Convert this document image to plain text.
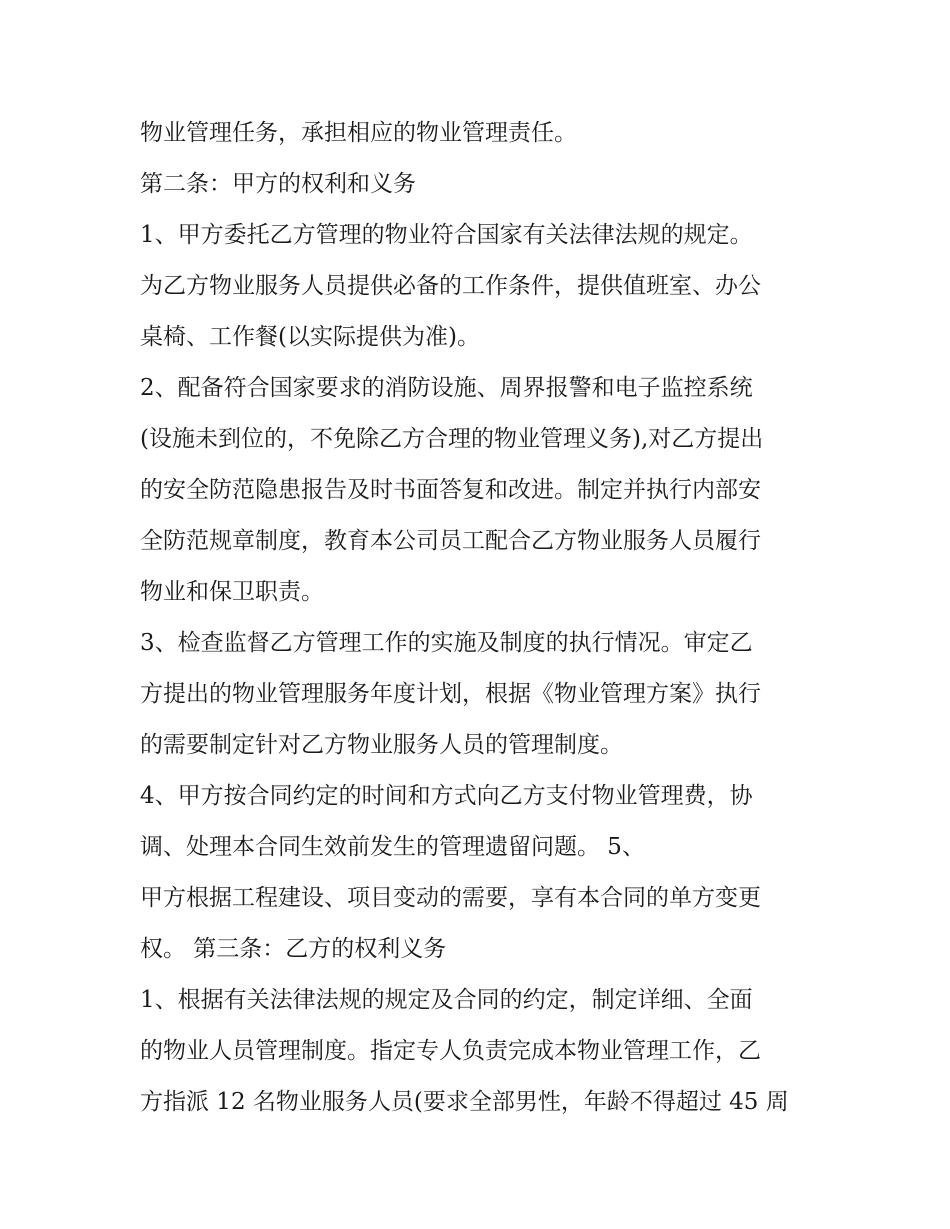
物业管理任务，承担相应的物业管理责任。
第二条：甲方的权利和义务
1、甲方委托乙方管理的物业符合国家有关法律法规的规定。
为乙方物业服务人员提供必备的工作条件，提供值班室、办公
桌椅、工作餐(以实际提供为准)。
2、配备符合国家要求的消防设施、周界报警和电子监控系统
(设施未到位的，不免除乙方合理的物业管理义务),对乙方提出
的安全防范隐患报告及时书面答复和改进。制定并执行内部安
全防范规章制度，教育本公司员工配合乙方物业服务人员履行
物业和保卫职责。
3、检查监督乙方管理工作的实施及制度的执行情况。审定乙
方提出的物业管理服务年度计划，根据《物业管理方案》执行
的需要制定针对乙方物业服务人员的管理制度。
4、甲方按合同约定的时间和方式向乙方支付物业管理费，协
调、处理本合同生效前发生的管理遗留问题。 5、
甲方根据工程建设、项目变动的需要，享有本合同的单方变更
权。 第三条：乙方的权利义务
1、根据有关法律法规的规定及合同的约定，制定详细、全面
的物业人员管理制度。指定专人负责完成本物业管理工作，乙
方指派 12 名物业服务人员(要求全部男性，年龄不得超过 45 周
